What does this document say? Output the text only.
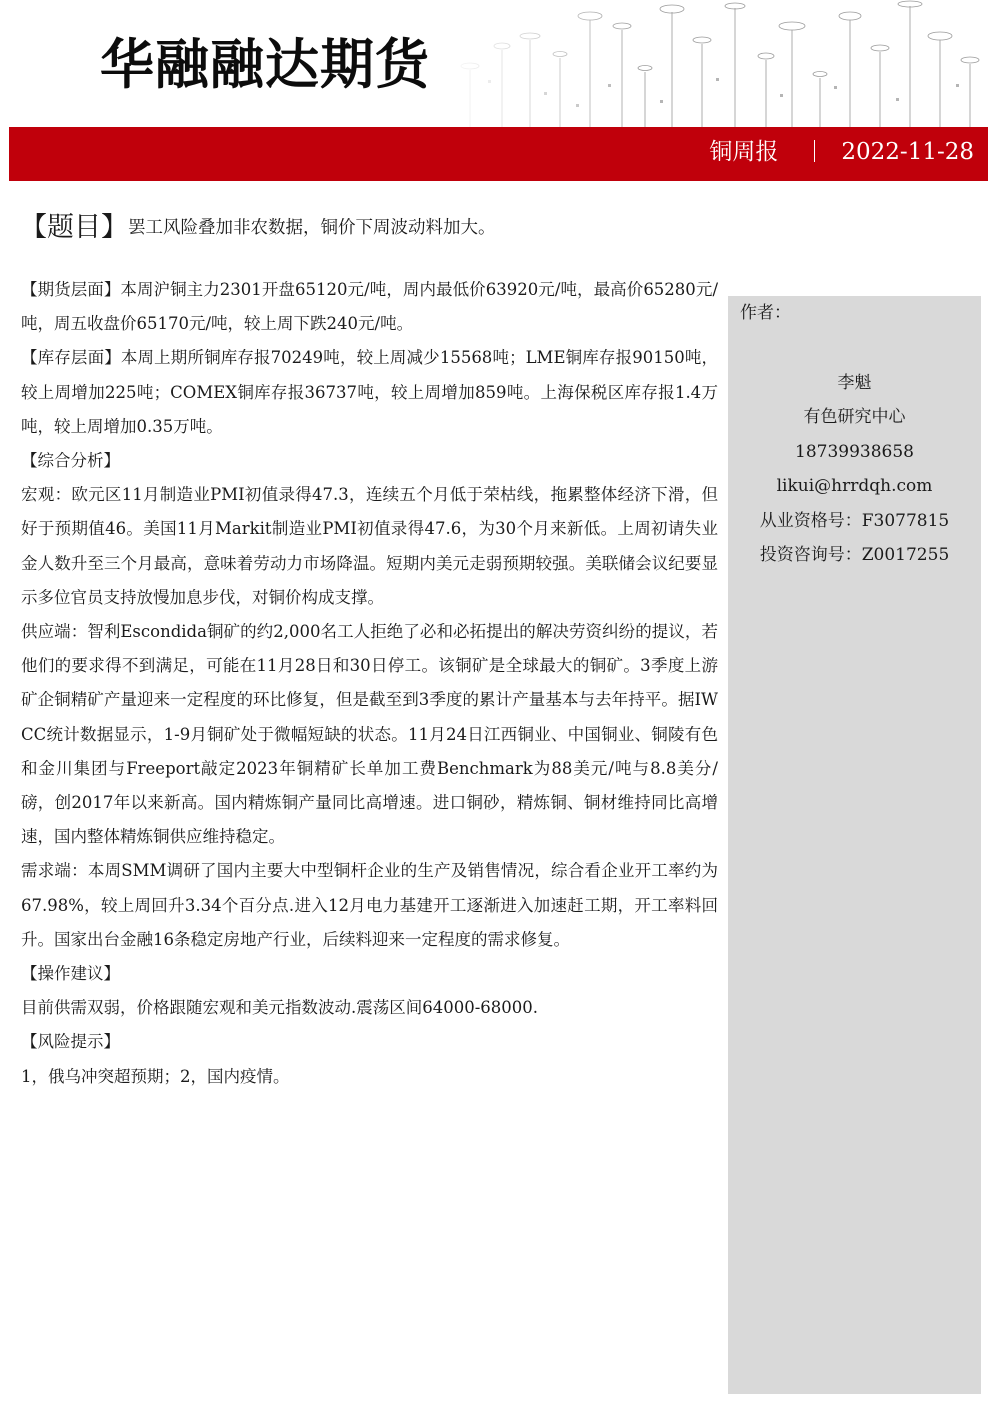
华融融达期货
铜周报	2022-11-28
【题目】罢工风险叠加非农数据，铜价下周波动料加大。
作者：
李魁
有色研究中心
18739938658
likui@hrrdqh.com
从业资格号：F3077815
投资咨询号：Z0017255

【期货层面】本周沪铜主力2301开盘65120元/吨，周内最低价63920元/吨，最高价65280元/吨，周五收盘价65170元/吨，较上周下跌240元/吨。

【库存层面】本周上期所铜库存报70249吨，较上周减少15568吨；LME铜库存报90150吨，较上周增加225吨；COMEX铜库存报36737吨，较上周增加859吨。上海保税区库存报1.4万吨，较上周增加0.35万吨。

【综合分析】

宏观：欧元区11月制造业PMI初值录得47.3，连续五个月低于荣枯线，拖累整体经济下滑，但好于预期值46。美国11月Markit制造业PMI初值录得47.6，为30个月来新低。上周初请失业金人数升至三个月最高，意味着劳动力市场降温。短期内美元走弱预期较强。美联储会议纪要显示多位官员支持放慢加息步伐，对铜价构成支撑。

供应端：智利Escondida铜矿的约2,000名工人拒绝了必和必拓提出的解决劳资纠纷的提议，若他们的要求得不到满足，可能在11月28日和30日停工。该铜矿是全球最大的铜矿。3季度上游矿企铜精矿产量迎来一定程度的环比修复，但是截至到3季度的累计产量基本与去年持平。据IWCC统计数据显示，1-9月铜矿处于微幅短缺的状态。11月24日江西铜业、中国铜业、铜陵有色和金川集团与Freeport敲定2023年铜精矿长单加工费Benchmark为88美元/吨与8.8美分/磅，创2017年以来新高。国内精炼铜产量同比高增速。进口铜砂，精炼铜、铜材维持同比高增速，国内整体精炼铜供应维持稳定。

需求端：本周SMM调研了国内主要大中型铜杆企业的生产及销售情况，综合看企业开工率约为67.98%，较上周回升3.34个百分点.进入12月电力基建开工逐渐进入加速赶工期，开工率料回升。国家出台金融16条稳定房地产行业，后续料迎来一定程度的需求修复。

【操作建议】

目前供需双弱，价格跟随宏观和美元指数波动.震荡区间64000-68000.

【风险提示】

1，俄乌冲突超预期；2，国内疫情。
